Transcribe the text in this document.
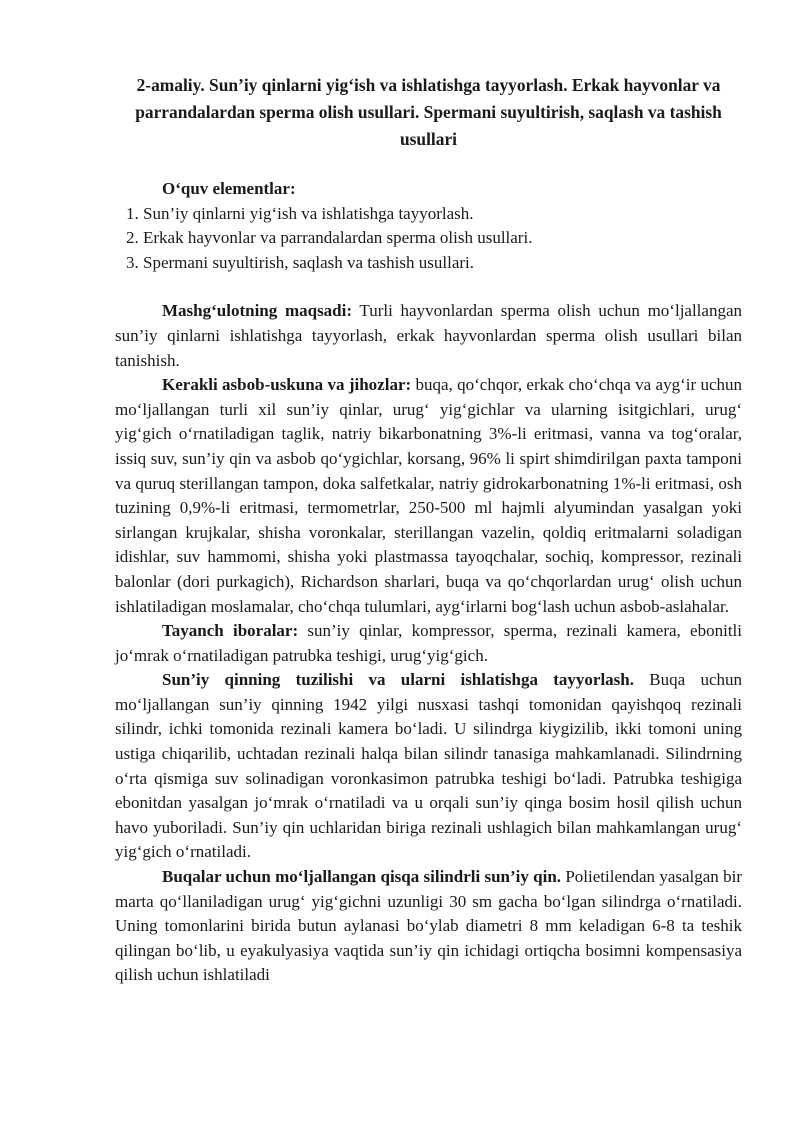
2-amaliy. Sun’iy qinlarni yig‘ish va ishlatishga tayyorlash. Erkak hayvonlar va parrandalardan sperma olish usullari. Spermani suyultirish, saqlash va tashish usullari

O‘quv elementlar:

1. Sun’iy qinlarni yig‘ish va ishlatishga tayyorlash.
2. Erkak hayvonlar va parrandalardan sperma olish usullari.
3. Spermani suyultirish, saqlash va tashish usullari.

Mashg‘ulotning maqsadi: Turli hayvonlardan sperma olish uchun mo‘ljallangan sun’iy qinlarni ishlatishga tayyorlash, erkak hayvonlardan sperma olish usullari bilan tanishish.

Kerakli asbob-uskuna va jihozlar: buqa, qo‘chqor, erkak cho‘chqa va ayg‘ir uchun mo‘ljallangan turli xil sun’iy qinlar, urug‘ yig‘gichlar va ularning isitgichlari, urug‘ yig‘gich o‘rnatiladigan taglik, natriy bikarbonatning 3%-li eritmasi, vanna va tog‘oralar, issiq suv, sun’iy qin va asbob qo‘ygichlar, korsang, 96% li spirt shimdirilgan paxta tamponi va quruq sterillangan tampon, doka salfetkalar, natriy gidrokarbonatning 1%-li eritmasi, osh tuzining 0,9%-li eritmasi, termometrlar, 250-500 ml hajmli alyumindan yasalgan yoki sirlangan krujkalar, shisha voronkalar, sterillangan vazelin, qoldiq eritmalarni soladigan idishlar, suv hammomi, shisha yoki plastmassa tayoqchalar, sochiq, kompressor, rezinali balonlar (dori purkagich), Richardson sharlari, buqa va qo‘chqorlardan urug‘ olish uchun ishlatiladigan moslamalar, cho‘chqa tulumlari, ayg‘irlarni bog‘lash uchun asbob-aslahalar.

Tayanch iboralar: sun’iy qinlar, kompressor, sperma, rezinali kamera, ebonitli jo‘mrak o‘rnatiladigan patrubka teshigi, urug‘yig‘gich.

Sun’iy qinning tuzilishi va ularni ishlatishga tayyorlash. Buqa uchun mo‘ljallangan sun’iy qinning 1942 yilgi nusxasi tashqi tomonidan qayishqoq rezinali silindr, ichki tomonida rezinali kamera bo‘ladi. U silindrga kiygizilib, ikki tomoni uning ustiga chiqarilib, uchtadan rezinali halqa bilan silindr tanasiga mahkamlanadi. Silindrning o‘rta qismiga suv solinadigan voronkasimon patrubka teshigi bo‘ladi. Patrubka teshigiga ebonitdan yasalgan jo‘mrak o‘rnatiladi va u orqali sun’iy qinga bosim hosil qilish uchun havo yuboriladi. Sun’iy qin uchlaridan biriga rezinali ushlagich bilan mahkamlangan urug‘ yig‘gich o‘rnatiladi.

Buqalar uchun mo‘ljallangan qisqa silindrli sun’iy qin. Polietilendan yasalgan bir marta qo‘llaniladigan urug‘ yig‘gichni uzunligi 30 sm gacha bo‘lgan silindrga o‘rnatiladi. Uning tomonlarini birida butun aylanasi bo‘ylab diametri 8 mm keladigan 6-8 ta teshik qilingan bo‘lib, u eyakulyasiya vaqtida sun’iy qin ichidagi ortiqcha bosimni kompensasiya qilish uchun ishlatiladi
